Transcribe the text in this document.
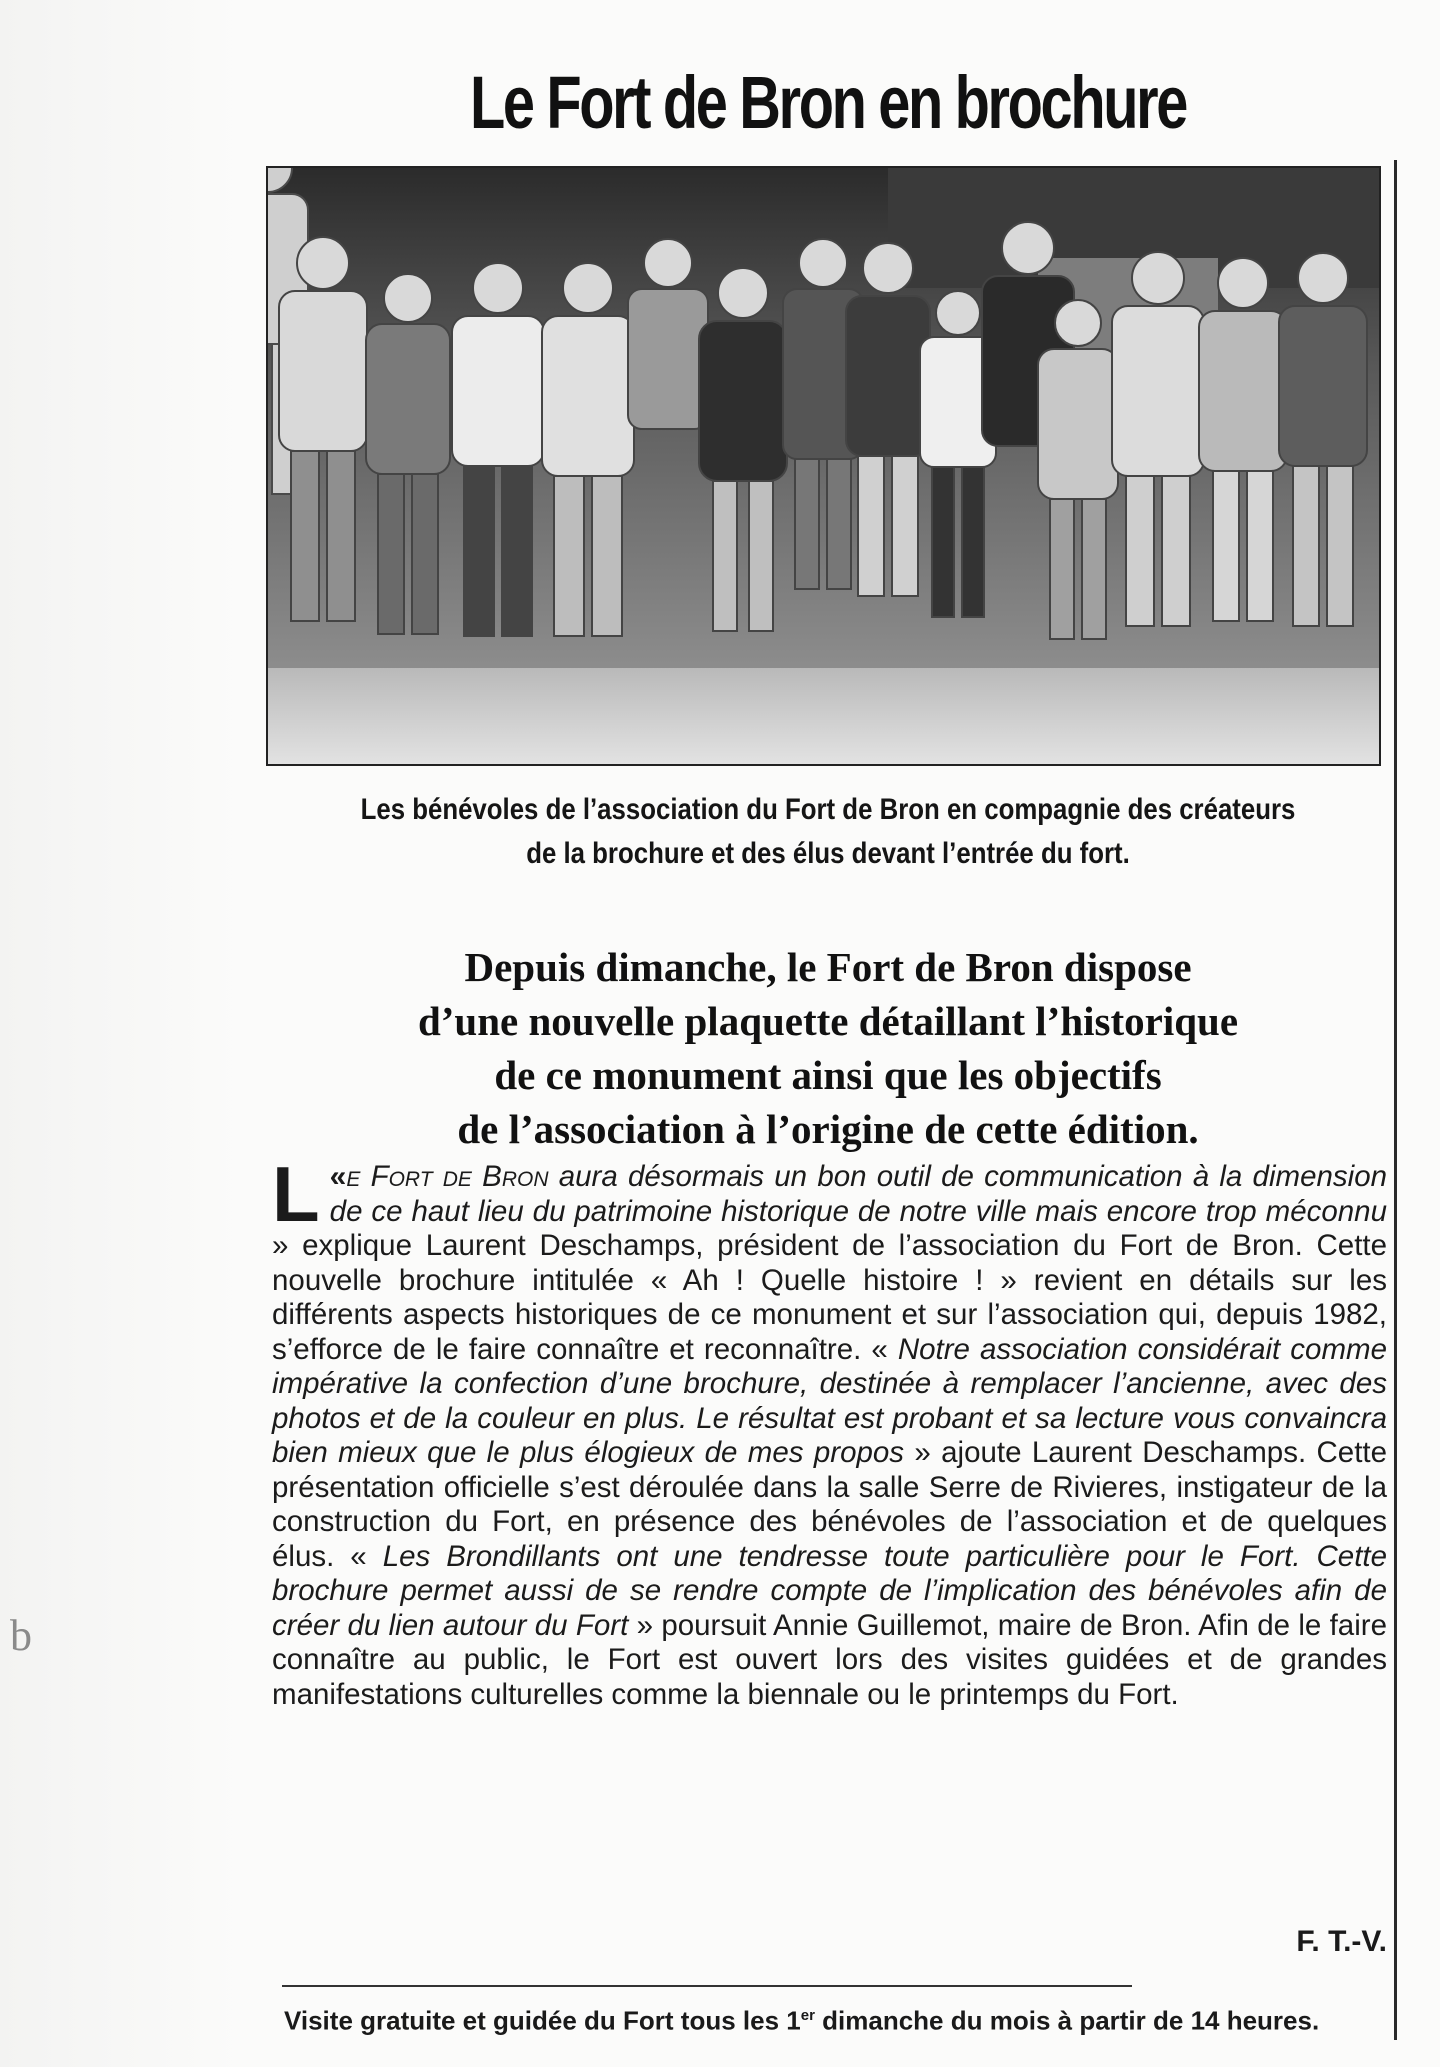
b
Le Fort de Bron en brochure
Les bénévoles de l’association du Fort de Bron en compagnie des créateurs
de la brochure et des élus devant l’entrée du fort.
Depuis dimanche, le Fort de Bron dispose
d’une nouvelle plaquette détaillant l’historique
de ce monument ainsi que les objectifs
de l’association à l’origine de cette édition.
«
L e Fort de Bron aura désormais un bon outil de communication à la dimension de ce haut lieu du patrimoine historique de notre ville mais encore trop méconnu » explique Laurent Deschamps, président de l’association du Fort de Bron. Cette nouvelle brochure intitulée « Ah ! Quelle histoire ! » revient en détails sur les différents aspects historiques de ce monument et sur l’association qui, depuis 1982, s’efforce de le faire connaître et reconnaître. « Notre association considérait comme impérative la confection d’une brochure, destinée à remplacer l’ancienne, avec des photos et de la couleur en plus. Le résultat est probant et sa lecture vous convaincra bien mieux que le plus élogieux de mes propos » ajoute Laurent Deschamps. Cette présentation officielle s’est déroulée dans la salle Serre de Rivieres, instigateur de la construction du Fort, en présence des bénévoles de l’association et de quelques élus. « Les Brondillants ont une tendresse toute particulière pour le Fort. Cette brochure permet aussi de se rendre compte de l’implication des bénévoles afin de créer du lien autour du Fort » poursuit Annie Guillemot, maire de Bron. Afin de le faire connaître au public, le Fort est ouvert lors des visites guidées et de grandes manifestations culturelles comme la biennale ou le printemps du Fort.
F. T.-V.
Visite gratuite et guidée du Fort tous les 1er dimanche du mois à partir de 14 heures.
